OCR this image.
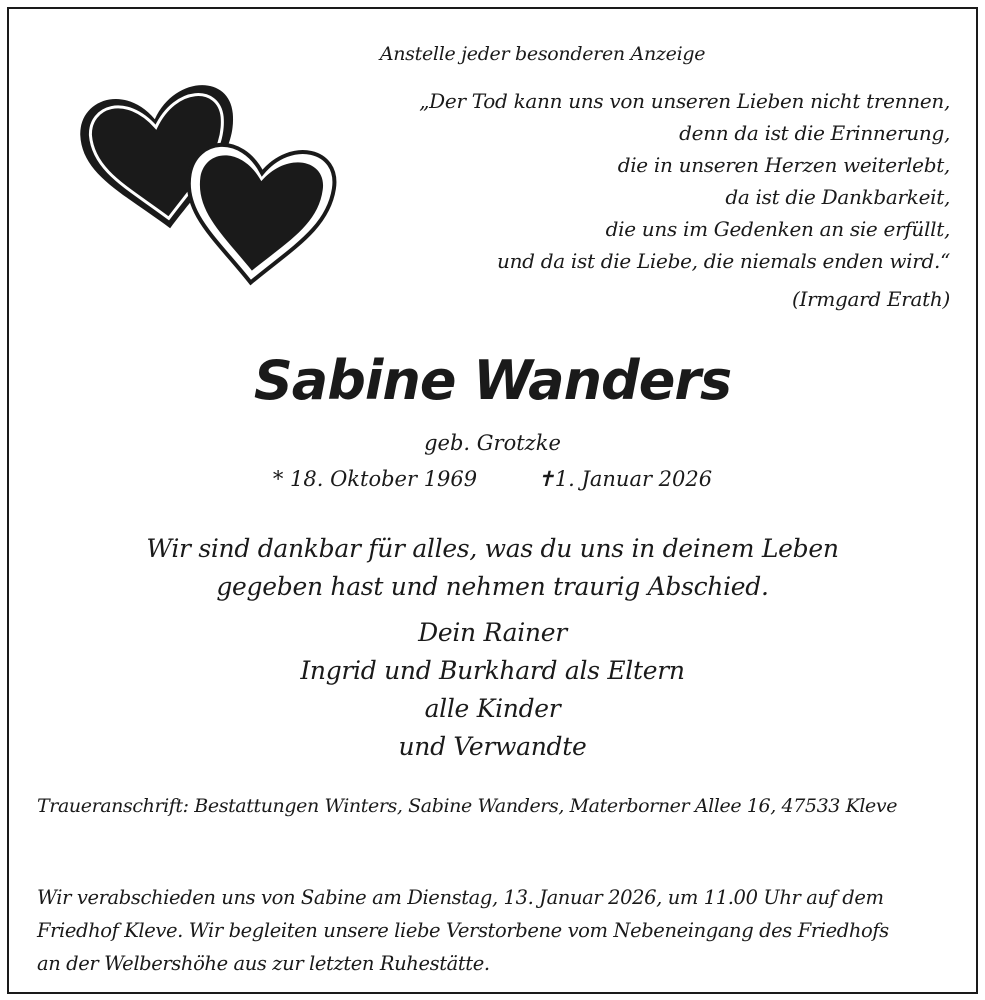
Anstelle jeder besonderen Anzeige
„Der Tod kann uns von unseren Lieben nicht trennen,
denn da ist die Erinnerung,
die in unseren Herzen weiterlebt,
da ist die Dankbarkeit,
die uns im Gedenken an sie erfüllt,
und da ist die Liebe, die niemals enden wird.“
(Irmgard Erath)
Sabine Wanders
geb. Grotzke
* 18. Oktober 1969	✝1. Januar 2026
Wir sind dankbar für alles, was du uns in deinem Leben
gegeben hast und nehmen traurig Abschied.
Dein Rainer
Ingrid und Burkhard als Eltern
alle Kinder
und Verwandte
Traueranschrift: Bestattungen Winters, Sabine Wanders, Materborner Allee 16, 47533 Kleve
Wir verabschieden uns von Sabine am Dienstag, 13. Januar 2026, um 11.00 Uhr auf dem
Friedhof Kleve. Wir begleiten unsere liebe Verstorbene vom Nebeneingang des Friedhofs
an der Welbershöhe aus zur letzten Ruhestätte.
